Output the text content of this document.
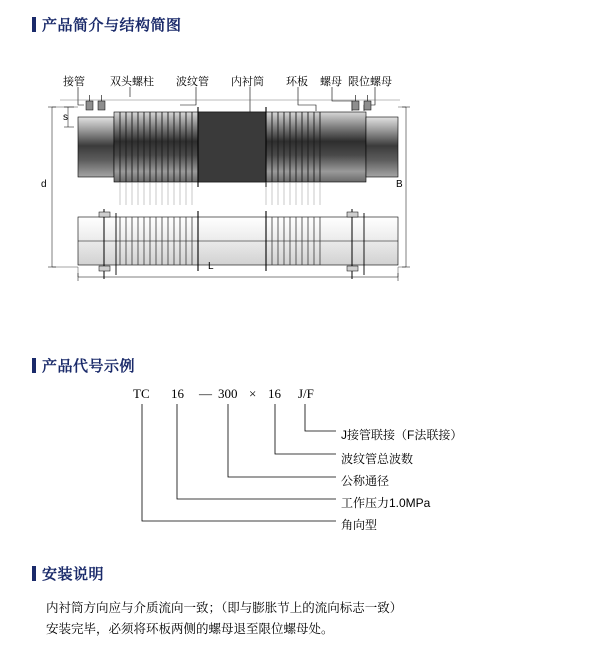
产品简介与结构简图
接管 双头螺柱 波纹管 内衬筒 环板 螺母 限位螺母
s
d	B
L
产品代号示例
TC 16 — 300 × 16 J/F
J接管联接（F法联接）
波纹管总波数
公称通径
工作压力1.0MPa
角向型
安装说明
内衬筒方向应与介质流向一致；（即与膨胀节上的流向标志一致）
安装完毕，必须将环板两侧的螺母退至限位螺母处。
